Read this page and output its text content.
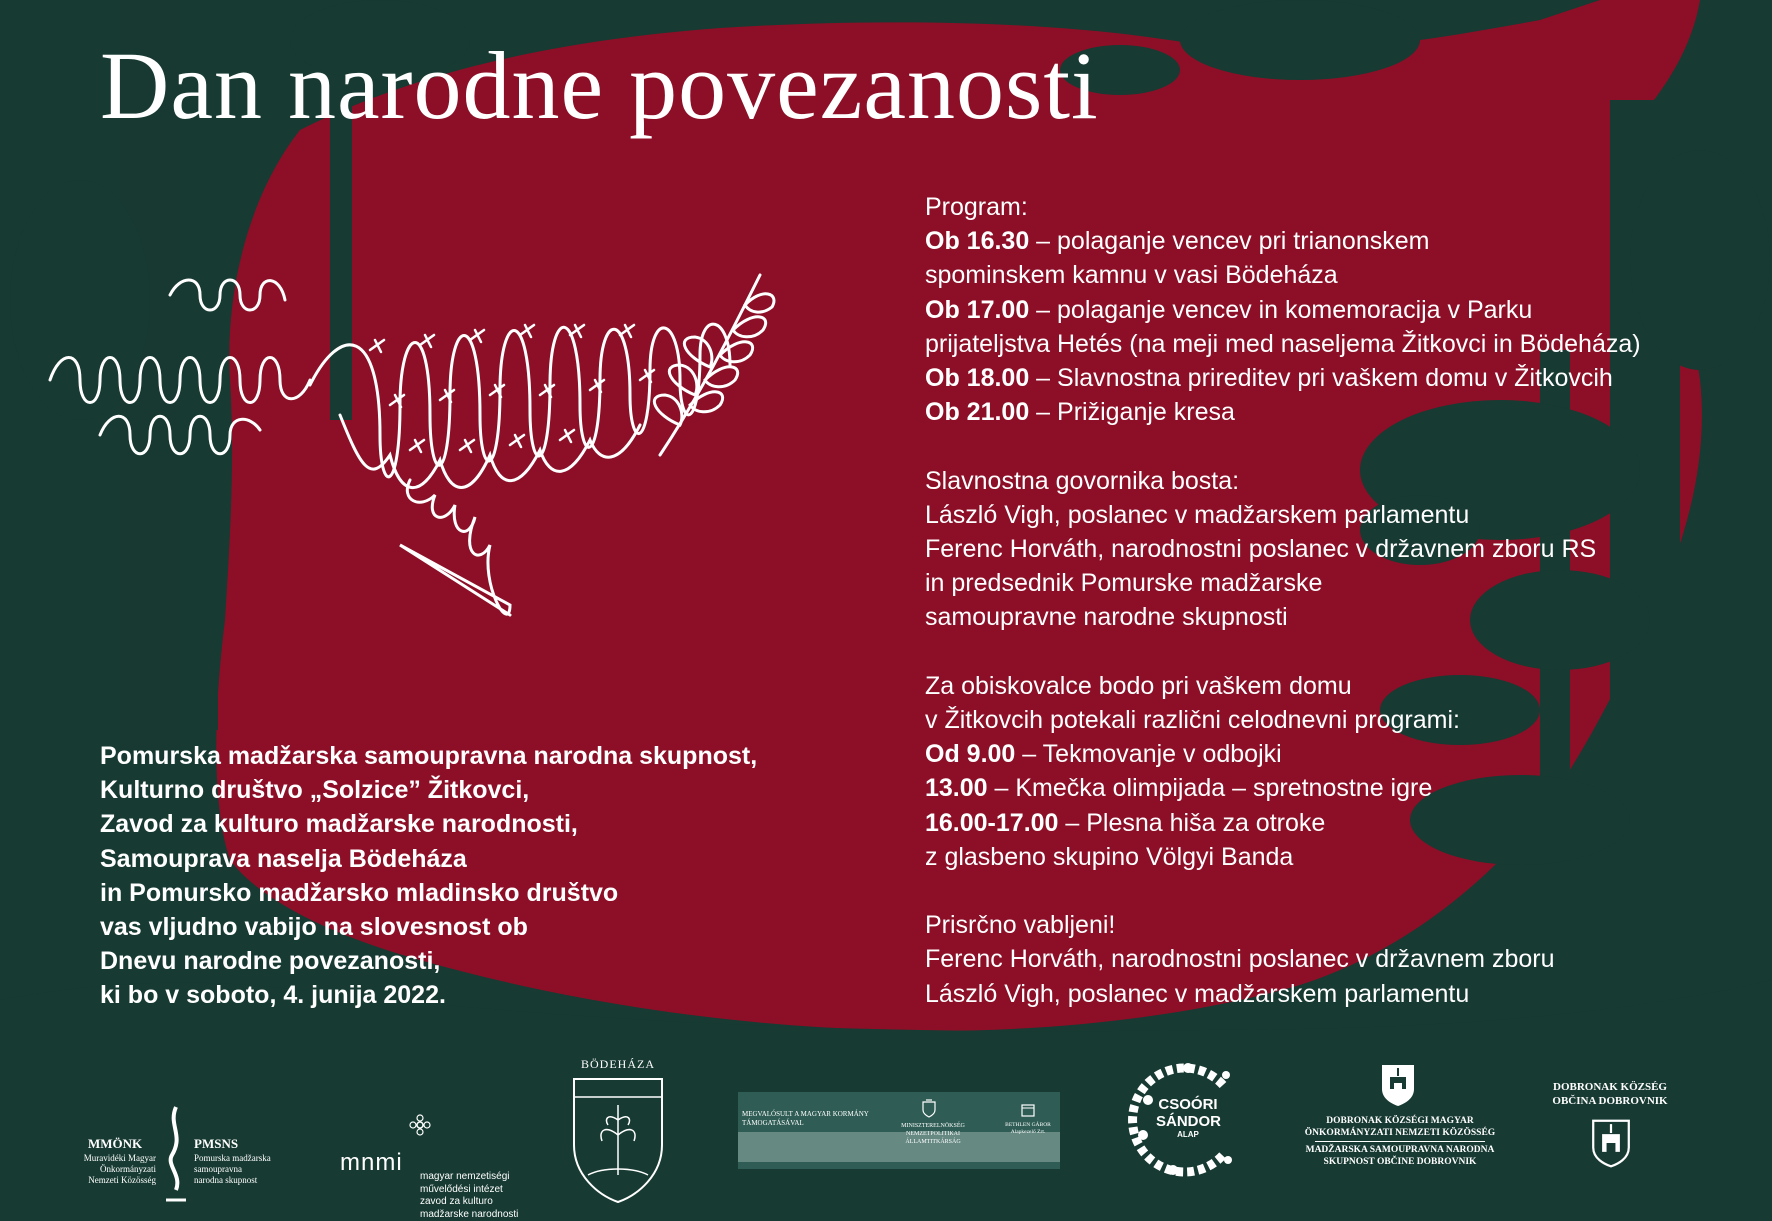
Dan narodne povezanosti
Program:
Ob 16.30 – polaganje vencev pri trianonskem
spominskem kamnu v vasi Bödeháza
Ob 17.00 – polaganje vencev in komemoracija v Parku
prijateljstva Hetés (na meji med naseljema Žitkovci in Bödeháza)
Ob 18.00 – Slavnostna prireditev pri vaškem domu v Žitkovcih
Ob 21.00 – Prižiganje kresa
Slavnostna govornika bosta:
László Vigh, poslanec v madžarskem parlamentu
Ferenc Horváth, narodnostni poslanec v državnem zboru RS
in predsednik Pomurske madžarske
samoupravne narodne skupnosti
Za obiskovalce bodo pri vaškem domu
v Žitkovcih potekali različni celodnevni programi:
Od 9.00 – Tekmovanje v odbojki
13.00 – Kmečka olimpijada – spretnostne igre
16.00-17.00 – Plesna hiša za otroke
z glasbeno skupino Völgyi Banda
Prisrčno vabljeni!
Ferenc Horváth, narodnostni poslanec v državnem zboru
László Vigh, poslanec v madžarskem parlamentu
Pomurska madžarska samoupravna narodna skupnost,
Kulturno društvo „Solzice” Žitkovci,
Zavod za kulturo madžarske narodnosti,
Samouprava naselja Bödeháza
in Pomursko madžarsko mladinsko društvo
vas vljudno vabijo na slovesnost ob
Dnevu narodne povezanosti,
ki bo v soboto, 4. junija 2022.
MMÖNK
Muravidéki Magyar
Önkormányzati
Nemzeti Közösség
PMSNS
Pomurska madžarska
samoupravna
narodna skupnost
mnmi
magyar nemzetiségi
művelődési intézet
zavod za kulturo
madžarske narodnosti
BÖDEHÁZA
MEGVALÓSULT A MAGYAR KORMÁNY
TÁMOGATÁSÁVAL	MINISZTERELNÖKSÉG
NEMZETPOLITIKAI ÁLLAMTITKÁRSÁG
BETHLEN GÁBOR
Alapkezelő Zrt.
CSOÓRI
SÁNDOR
ALAP
DOBRONAK KÖZSÉGI MAGYAR
ÖNKORMÁNYZATI NEMZETI KÖZÖSSÉG
MADŽARSKA SAMOUPRAVNA NARODNA
SKUPNOST OBČINE DOBROVNIK
DOBRONAK KÖZSÉG
OBČINA DOBROVNIK
